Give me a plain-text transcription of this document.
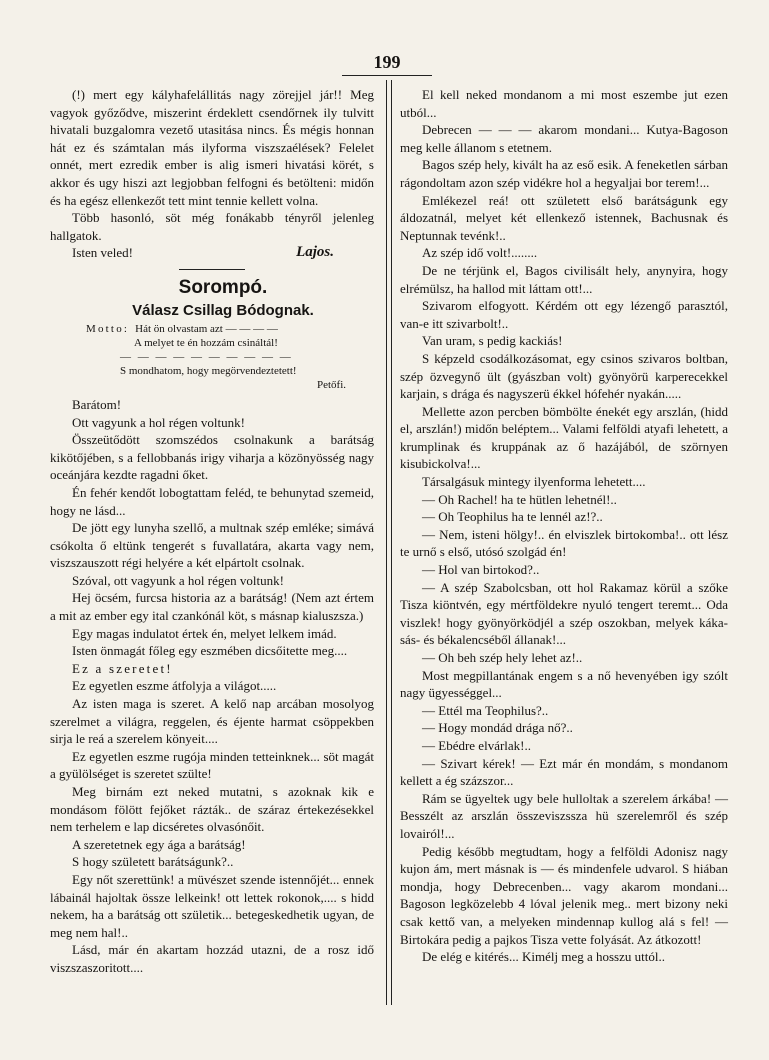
199

(!) mert egy kályhafelállitás nagy zörejjel jár!! Meg vagyok győződve, miszerint érdeklett csendőrnek ily tulvitt hivatali buzgalomra vezető utasitása nincs. És mégis honnan hát ez és számtalan más ilyforma viszszaélések? Felelet onnét, mert ezredik ember is alig ismeri hivatási körét, s akkor és ugy hiszi azt legjobban felfogni és betölteni: midőn és ha egész ellenkezőt tett mint tennie kellett volna.

Több hasonló, söt még fonákabb tényről jelenleg hallgatok.

Isten veled!	Lajos.

Sorompó.

Válasz Csillag Bódognak.

Motto: Hát ön olvastam azt — — — —
A melyet te én hozzám csináltál!
— — — — — — — — — —
S mondhatom, hogy megörvendeztetett!
Petőfi.

Barátom!

Ott vagyunk a hol régen voltunk!

Összeütődött szomszédos csolnakunk a barátság kikötőjében, s a fellobbanás irigy viharja a közönyösség nagy oceánjára kezdte ragadni őket.

Én fehér kendőt lobogtattam feléd, te behunytad szemeid, hogy ne lásd...

De jött egy lunyha szellő, a multnak szép emléke; simává csókolta ő eltünk tengerét s fuvallatára, akarta vagy nem, viszszauszott régi helyére a két elpártolt csolnak.

Szóval, ott vagyunk a hol régen voltunk!

Hej öcsém, furcsa historia az a barátság! (Nem azt értem a mit az ember egy ital czankónál köt, s másnap kialuszsza.)

Egy magas indulatot értek én, melyet lelkem imád.

Isten önmagát főleg egy eszmében dicsőitette meg....

Ez a szeretet!

Ez egyetlen eszme átfolyja a világot.....

Az isten maga is szeret. A kelő nap arcában mosolyog szerelmet a világra, reggelen, és éjente harmat csöppekben sirja le reá a szerelem könyeit....

Ez egyetlen eszme rugója minden tetteinknek... söt magát a gyülölséget is szeretet szülte!

Meg birnám ezt neked mutatni, s azoknak kik e mondásom fölött fejőket rázták.. de száraz értekezésekkel nem terhelem e lap dicséretes olvasónőit.

A szeretetnek egy ága a barátság!

S hogy született barátságunk?..

Egy nőt szerettünk! a müvészet szende istennőjét... ennek lábainál hajoltak össze lelkeink! ott lettek rokonok,.... s hidd nekem, ha a barátság ott születik... betegeskedhetik ugyan, de meg nem hal!..

Lásd, már én akartam hozzád utazni, de a rosz idő viszszaszoritott....

El kell neked mondanom a mi most eszembe jut ezen utból...

Debrecen — — — akarom mondani... Kutya-Bagoson meg kelle állanom s etetnem.

Bagos szép hely, kivált ha az eső esik. A feneketlen sárban rágondoltam azon szép vidékre hol a hegyaljai bor terem!...

Emlékezel reá! ott született első barátságunk egy áldozatnál, melyet két ellenkező istennek, Bachusnak és Neptunnak tevénk!..

Az szép idő volt!........

De ne térjünk el, Bagos civilisált hely, anynyira, hogy elrémülsz, ha hallod mit láttam ott!...

Szivarom elfogyott. Kérdém ott egy lézengő parasztól, van-e itt szivarbolt!..

Van uram, s pedig kackiás!

S képzeld csodálkozásomat, egy csinos szivaros boltban, szép özvegynő ült (gyászban volt) gyönyörü karperecekkel karjain, s drága és nagyszerü ékkel hófehér nyakán.....

Mellette azon percben bömbölte énekét egy arszlán, (hidd el, arszlán!) midőn beléptem... Valami felföldi atyafi lehetett, a krumplinak és kruppának az ő hazájából, de szörnyen kisubickolva!...

Társalgásuk mintegy ilyenforma lehetett....

— Oh Rachel! ha te hütlen lehetnél!..

— Oh Teophilus ha te lennél az!?..

— Nem, isteni hölgy!.. én elviszlek birtokomba!.. ott lész te urnő s első, utósó szolgád én!

— Hol van birtokod?..

— A szép Szabolcsban, ott hol Rakamaz körül a szőke Tisza kiöntvén, egy mértföldekre nyuló tengert teremt... Oda viszlek! hogy gyönyörködjél a szép oszokban, melyek káka- sás- és békalencséből állanak!...

— Oh beh szép hely lehet az!..

Most megpillantának engem s a nő hevenyében igy szólt nagy ügyességgel...

— Ettél ma Teophilus?..

— Hogy mondád drága nő?..

— Ebédre elvárlak!..

— Szivart kérek! — Ezt már én mondám, s mondanom kellett a ég százszor...

Rám se ügyeltek ugy bele hulloltak a szerelem árkába! — Besszélt az arszlán összeviszssza hü szerelemről és szép lovairól!...

Pedig később megtudtam, hogy a felföldi Adonisz nagy kujon ám, mert másnak is — és mindenfele udvarol. S hiában mondja, hogy Debrecenben... vagy akarom mondani... Bagoson legközelebb 4 lóval jelenik meg.. mert bizony neki csak kettő van, a melyeken mindennap kullog alá s fel! — Birtokára pedig a pajkos Tisza vette folyását. Az átkozott!

De elég e kitérés... Kimélj meg a hosszu uttól..
